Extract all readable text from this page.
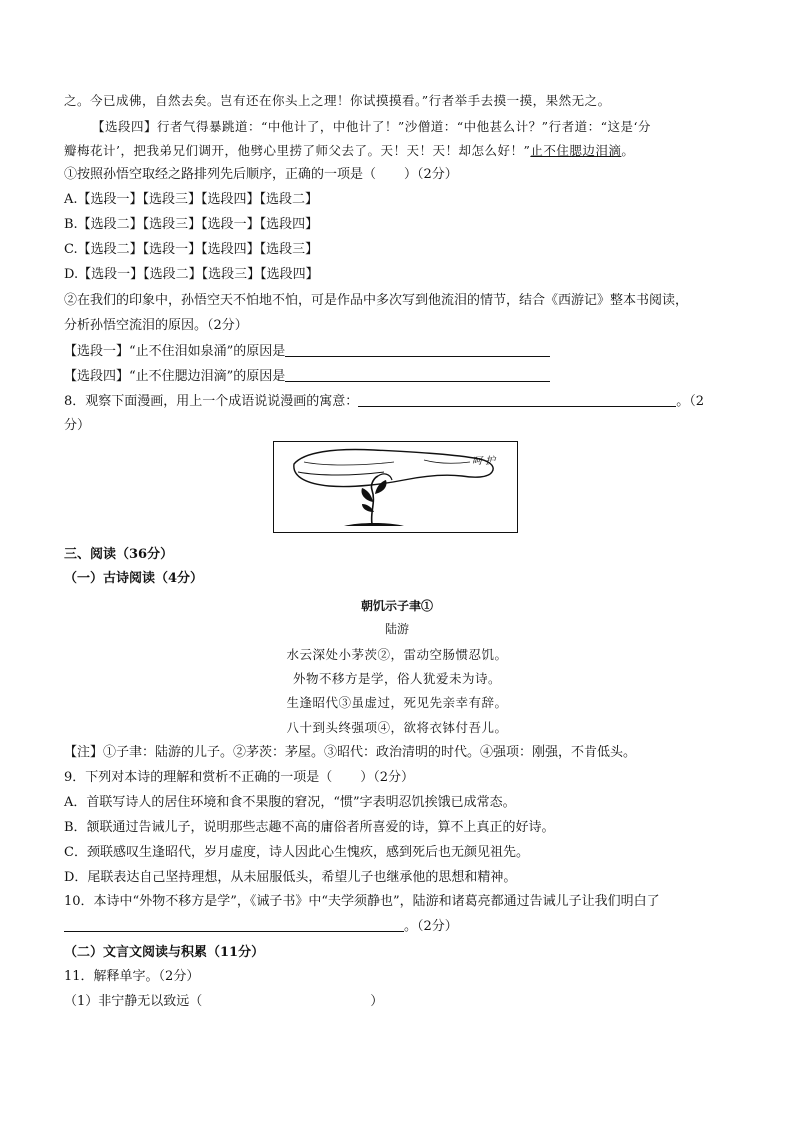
之。今已成佛，自然去矣。岂有还在你头上之理！你试摸摸看。”行者举手去摸一摸，果然无之。
【选段四】行者气得暴跳道：“中他计了，中他计了！”沙僧道：“中他甚么计？”行者道：“这是‘分
瓣梅花计’，把我弟兄们调开，他劈心里捞了师父去了。天！天！天！却怎么好！”止不住腮边泪滴。
①按照孙悟空取经之路排列先后顺序，正确的一项是（ ）（2分）
A.【选段一】【选段三】【选段四】【选段二】
B.【选段二】【选段三】【选段一】【选段四】
C.【选段二】【选段一】【选段四】【选段三】
D.【选段一】【选段二】【选段三】【选段四】
②在我们的印象中，孙悟空天不怕地不怕，可是作品中多次写到他流泪的情节，结合《西游记》整本书阅读，
分析孙悟空流泪的原因。（2分）
【选段一】“止不住泪如泉涌”的原因是
【选段四】“止不住腮边泪滴”的原因是
8．观察下面漫画，用上一个成语说说漫画的寓意：	。（2
分）
呵 护
三、阅读（36分）
（一）古诗阅读（4分）
朝饥示子聿①
陆游
水云深处小茅茨②，雷动空肠惯忍饥。
外物不移方是学，俗人犹爱未为诗。
生逢昭代③虽虚过，死见先亲幸有辞。
八十到头终强项④，欲将衣钵付吾儿。
【注】①子聿：陆游的儿子。②茅茨：茅屋。③昭代：政治清明的时代。④强项：刚强，不肯低头。
9．下列对本诗的理解和赏析不正确的一项是（ ）（2分）
A．首联写诗人的居住环境和食不果腹的窘况，“惯”字表明忍饥挨饿已成常态。
B．颔联通过告诫儿子，说明那些志趣不高的庸俗者所喜爱的诗，算不上真正的好诗。
C．颈联感叹生逢昭代，岁月虚度，诗人因此心生愧疚，感到死后也无颜见祖先。
D．尾联表达自己坚持理想，从未屈服低头，希望儿子也继承他的思想和精神。
10．本诗中“外物不移方是学”，《诫子书》中“夫学须静也”，陆游和诸葛亮都通过告诫儿子让我们明白了
。（2分）
（二）文言文阅读与积累（11分）
11．解释单字。（2分）
（1）非宁静无以致远（	）
